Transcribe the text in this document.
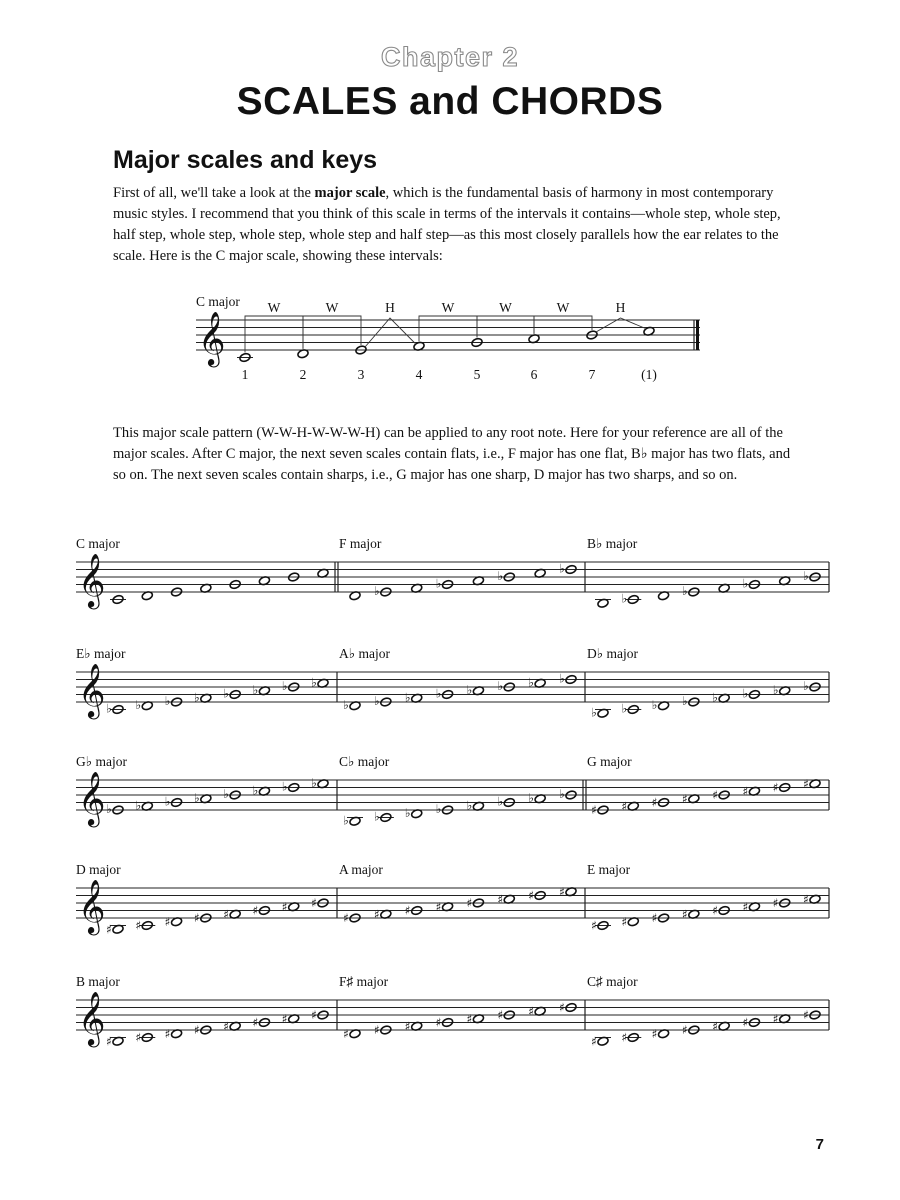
Chapter 2
SCALES and CHORDS
Major scales and keys

First of all, we'll take a look at the major scale, which is the fundamental basis of harmony in most contemporary music styles. I recommend that you think of this scale in terms of the intervals it contains—whole step, whole step, half step, whole step, whole step, whole step and half step—as this most closely parallels how the ear relates to the scale. Here is the C major scale, showing these intervals:

This major scale pattern (W-W-H-W-W-W-H) can be applied to any root note. Here for your reference are all of the major scales. After C major, the next seven scales contain flats, i.e., F major has one flat, B♭ major has two flats, and so on. The next seven scales contain sharps, i.e., G major has one sharp, D major has two sharps, and so on.

𝄞
C major
1	2	3	4	5	6	7	(1)
W	W	H	W	W	W	H
𝄞
C major	F major
♭
♭
♭
♭
B♭ major
♭
♭
♭
♭
𝄞
E♭ major
♭ ♭ ♭ ♭ ♭ ♭ ♭ ♭
A♭ major
♭ ♭ ♭ ♭ ♭ ♭ ♭ ♭
D♭ major
♭ ♭ ♭ ♭ ♭ ♭ ♭ ♭
𝄞
G♭ major
♭ ♭ ♭ ♭ ♭ ♭ ♭ ♭
C♭ major
♭ ♭ ♭ ♭ ♭ ♭ ♭ ♭
G major
♯ ♯ ♯ ♯ ♯ ♯ ♯ ♯
𝄞
D major
♯ ♯ ♯ ♯ ♯ ♯ ♯ ♯
A major
♯ ♯ ♯ ♯ ♯ ♯ ♯ ♯
E major
♯ ♯ ♯ ♯ ♯ ♯ ♯ ♯
𝄞
B major
♯ ♯ ♯ ♯ ♯ ♯ ♯ ♯
F♯ major
♯ ♯ ♯ ♯ ♯ ♯ ♯ ♯
C♯ major
♯ ♯ ♯ ♯ ♯ ♯ ♯ ♯
7
